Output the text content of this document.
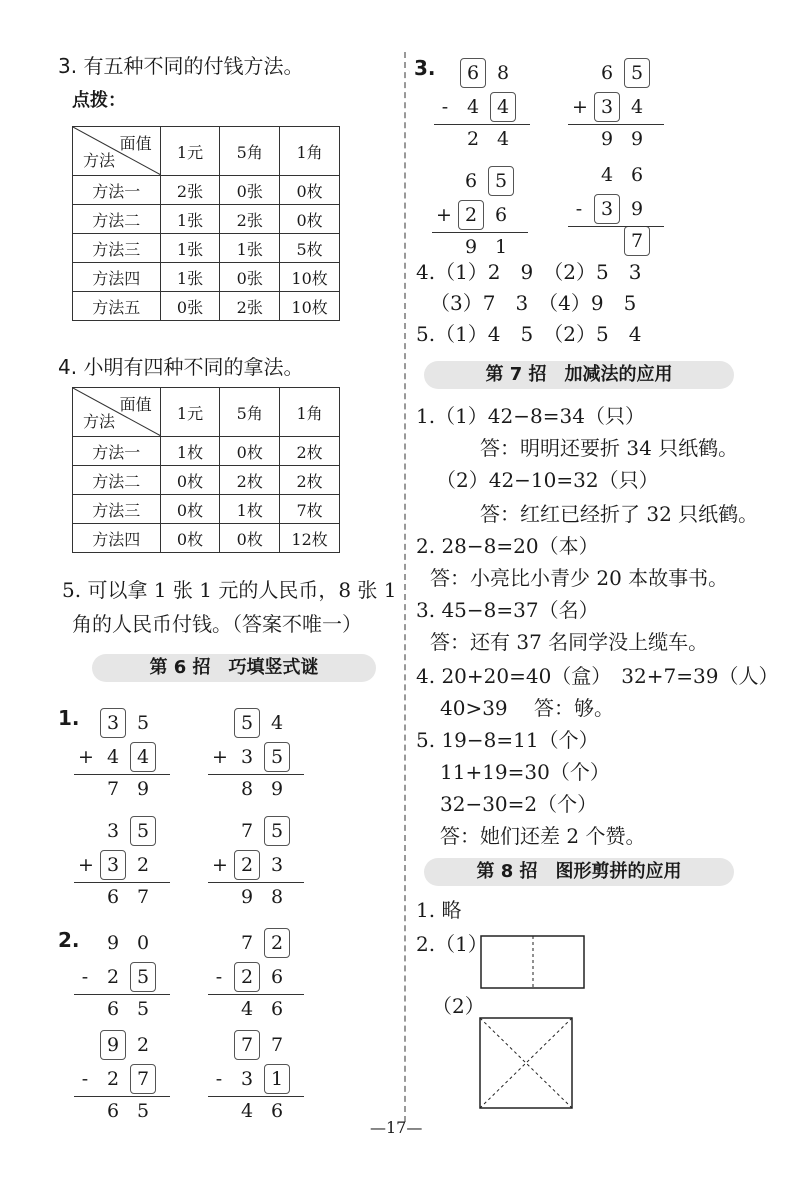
3. 有五种不同的付钱方法。
点拨：
面值
方法	1元	5角	1角
方法一	2张	0张	0枚
方法二	1张	2张	0枚
方法三	1张	1张	5枚
方法四	1张	0张	10枚
方法五	0张	2张	10枚
4. 小明有四种不同的拿法。
面值
方法	1元	5角	1角
方法一	1枚	0枚	2枚
方法二	0枚	2枚	2枚
方法三	0枚	1枚	7枚
方法四	0枚	0枚	12枚
5. 可以拿 1 张 1 元的人民币，8 张 1
角的人民币付钱。（答案不唯一）
第 6 招　巧填竖式谜
1.
2.
3 5
4 4
7 9
+
5 4
3 5
8 9
+
3 5
3 2
6 7
+
7 5
2 3
9 8
+
9 0
2 5
6 5
-
7 2
2 6
4 6
-
9 2
2 7
6 5
-
7 7
3 1
4 6
-
6 8
4 4
2 4
-
6 5
3 4
9 9
+
6 5
2 6
9 1
+
4 6
3 9
7
-
3.
4.（1）2　9　（2）5　3
（3）7　3　（4）9　5
5.（1）4　5　（2）5　4
第 7 招　加减法的应用
1.（1）42−8=34（只）
答：明明还要折 34 只纸鹤。
（2）42−10=32（只）
答：红红已经折了 32 只纸鹤。
2. 28−8=20（本）
答：小亮比小青少 20 本故事书。
3. 45−8=37（名）
答：还有 37 名同学没上缆车。
4. 20+20=40（盒）　32+7=39（人）
40>39　 答：够。
5. 19−8=11（个）
11+19=30（个）
32−30=2（个）
答：她们还差 2 个赞。
第 8 招　图形剪拼的应用
1. 略
2.（1）
（2）
—17—
